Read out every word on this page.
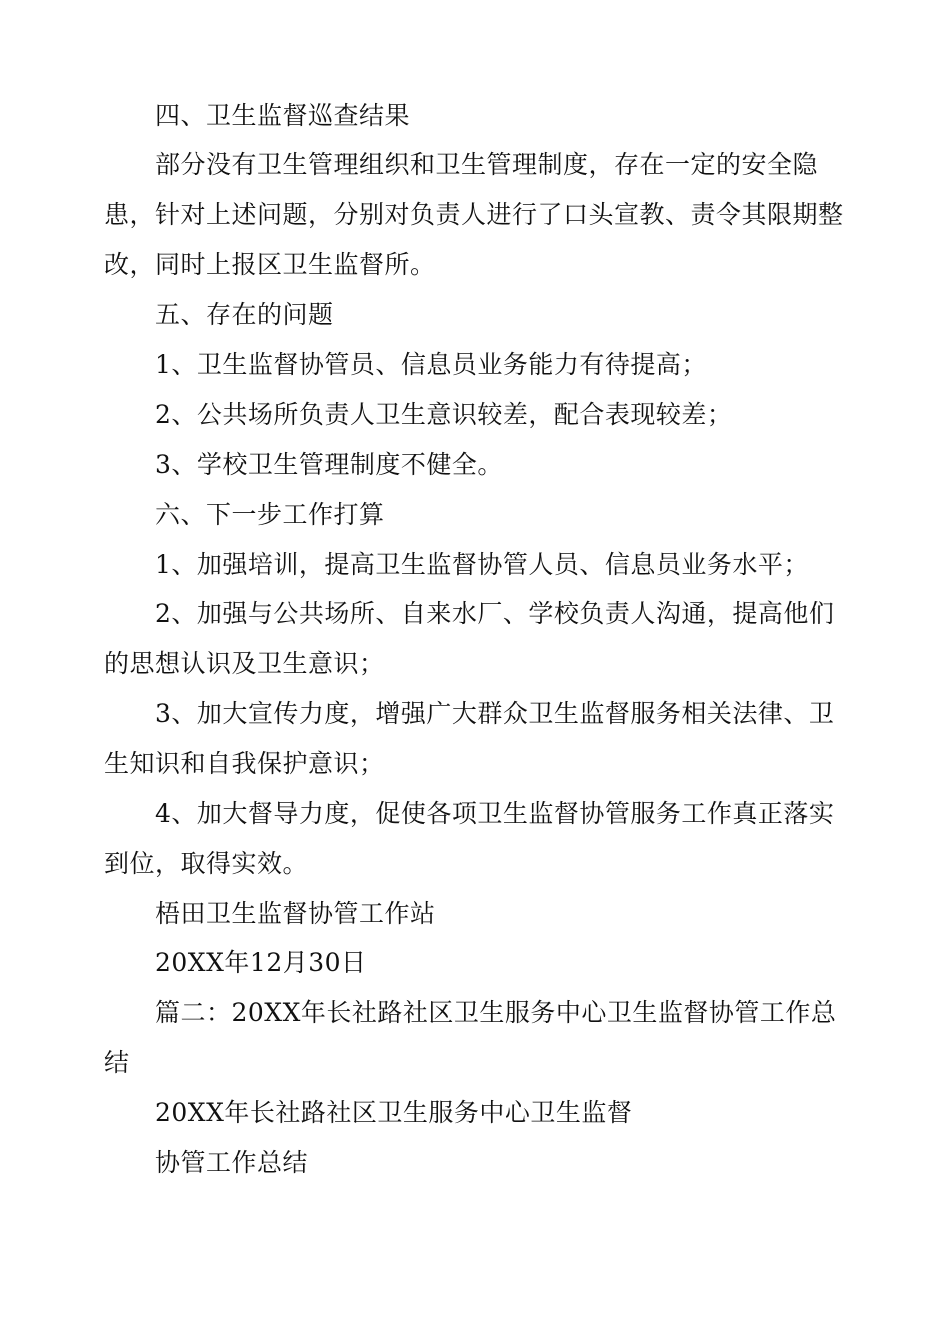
四、卫生监督巡查结果
部分没有卫生管理组织和卫生管理制度，存在一定的安全隐
患，针对上述问题，分别对负责人进行了口头宣教、责令其限期整
改，同时上报区卫生监督所。
五、存在的问题
1、卫生监督协管员、信息员业务能力有待提高；
2、公共场所负责人卫生意识较差，配合表现较差；
3、学校卫生管理制度不健全。
六、下一步工作打算
1、加强培训，提高卫生监督协管人员、信息员业务水平；
2、加强与公共场所、自来水厂、学校负责人沟通，提高他们
的思想认识及卫生意识；
3、加大宣传力度，增强广大群众卫生监督服务相关法律、卫
生知识和自我保护意识；
4、加大督导力度，促使各项卫生监督协管服务工作真正落实
到位，取得实效。
梧田卫生监督协管工作站
20XX年12月30日
篇二：20XX年长社路社区卫生服务中心卫生监督协管工作总
结
20XX年长社路社区卫生服务中心卫生监督
协管工作总结
